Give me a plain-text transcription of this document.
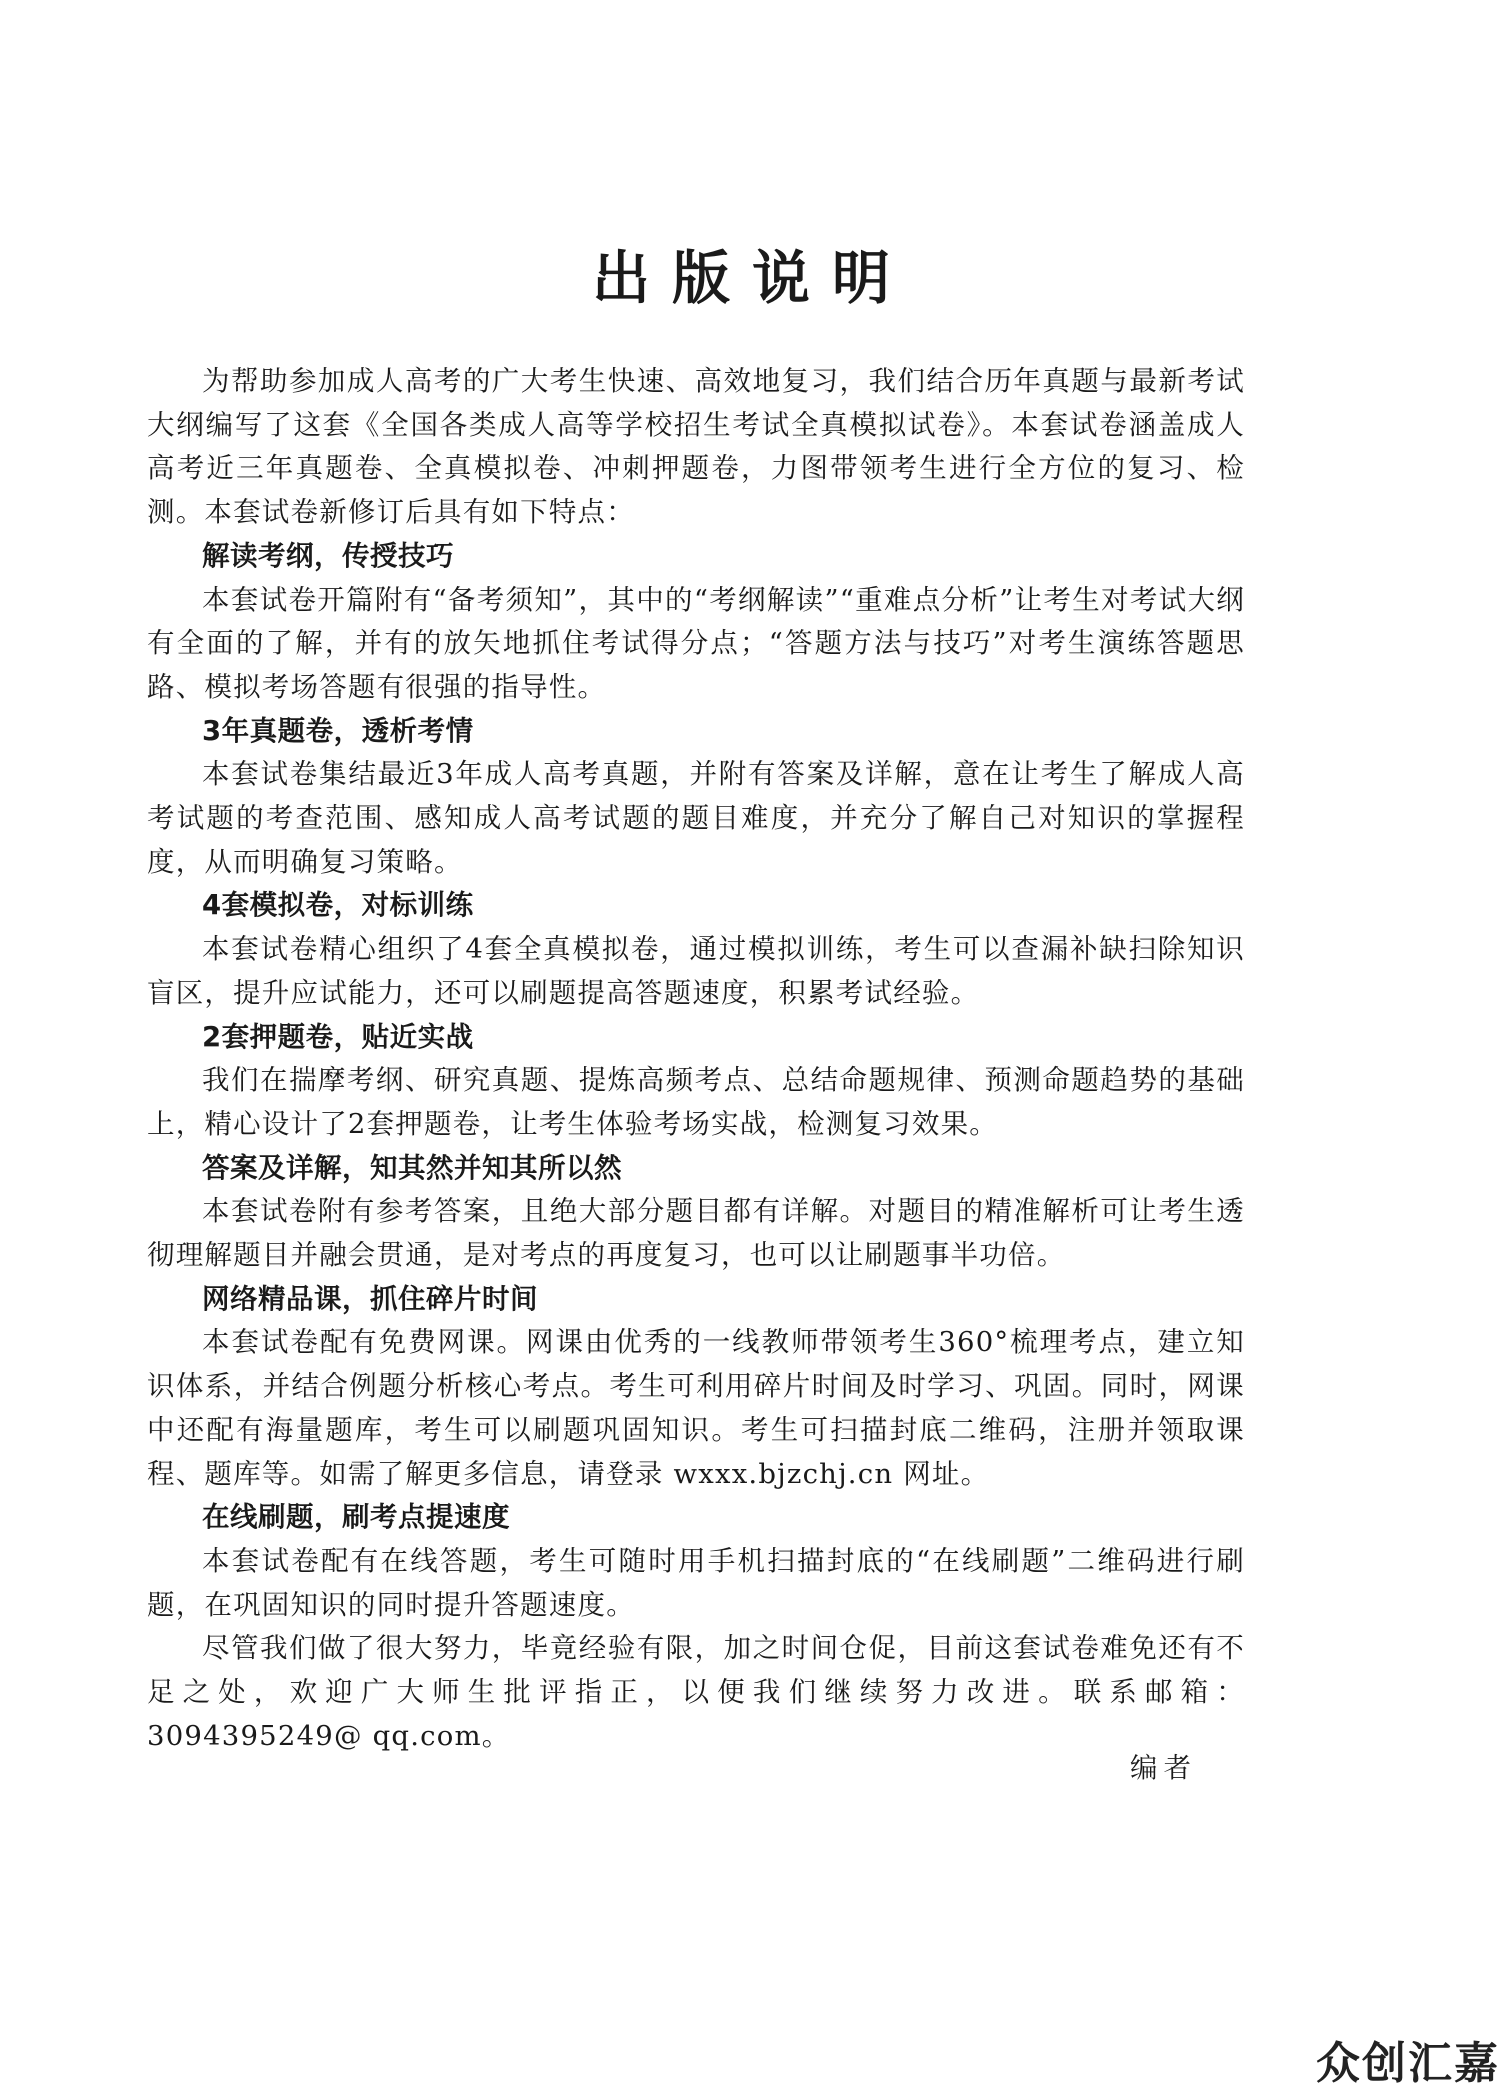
出版说明

为帮助参加成人高考的广大考生快速、高效地复习，我们结合历年真题与最新考试大纲编写了这套《全国各类成人高等学校招生考试全真模拟试卷》。本套试卷涵盖成人高考近三年真题卷、全真模拟卷、冲刺押题卷，力图带领考生进行全方位的复习、检测。本套试卷新修订后具有如下特点：

解读考纲，传授技巧

本套试卷开篇附有“备考须知”，其中的“考纲解读”“重难点分析”让考生对考试大纲有全面的了解，并有的放矢地抓住考试得分点；“答题方法与技巧”对考生演练答题思路、模拟考场答题有很强的指导性。

3年真题卷，透析考情

本套试卷集结最近3年成人高考真题，并附有答案及详解，意在让考生了解成人高考试题的考查范围、感知成人高考试题的题目难度，并充分了解自己对知识的掌握程度，从而明确复习策略。

4套模拟卷，对标训练

本套试卷精心组织了4套全真模拟卷，通过模拟训练，考生可以查漏补缺扫除知识盲区，提升应试能力，还可以刷题提高答题速度，积累考试经验。

2套押题卷，贴近实战

我们在揣摩考纲、研究真题、提炼高频考点、总结命题规律、预测命题趋势的基础上，精心设计了2套押题卷，让考生体验考场实战，检测复习效果。

答案及详解，知其然并知其所以然

本套试卷附有参考答案，且绝大部分题目都有详解。对题目的精准解析可让考生透彻理解题目并融会贯通，是对考点的再度复习，也可以让刷题事半功倍。

网络精品课，抓住碎片时间

本套试卷配有免费网课。网课由优秀的一线教师带领考生360°梳理考点，建立知识体系，并结合例题分析核心考点。考生可利用碎片时间及时学习、巩固。同时，网课中还配有海量题库，考生可以刷题巩固知识。考生可扫描封底二维码，注册并领取课程、题库等。如需了解更多信息，请登录 wxxx.bjzchj.cn 网址。

在线刷题，刷考点提速度

本套试卷配有在线答题，考生可随时用手机扫描封底的“在线刷题”二维码进行刷题，在巩固知识的同时提升答题速度。

尽管我们做了很大努力，毕竟经验有限，加之时间仓促，目前这套试卷难免还有不足之处，欢迎广大师生批评指正，以便我们继续努力改进。联系邮箱：3094395249@ qq.com。

编者
众创汇嘉
